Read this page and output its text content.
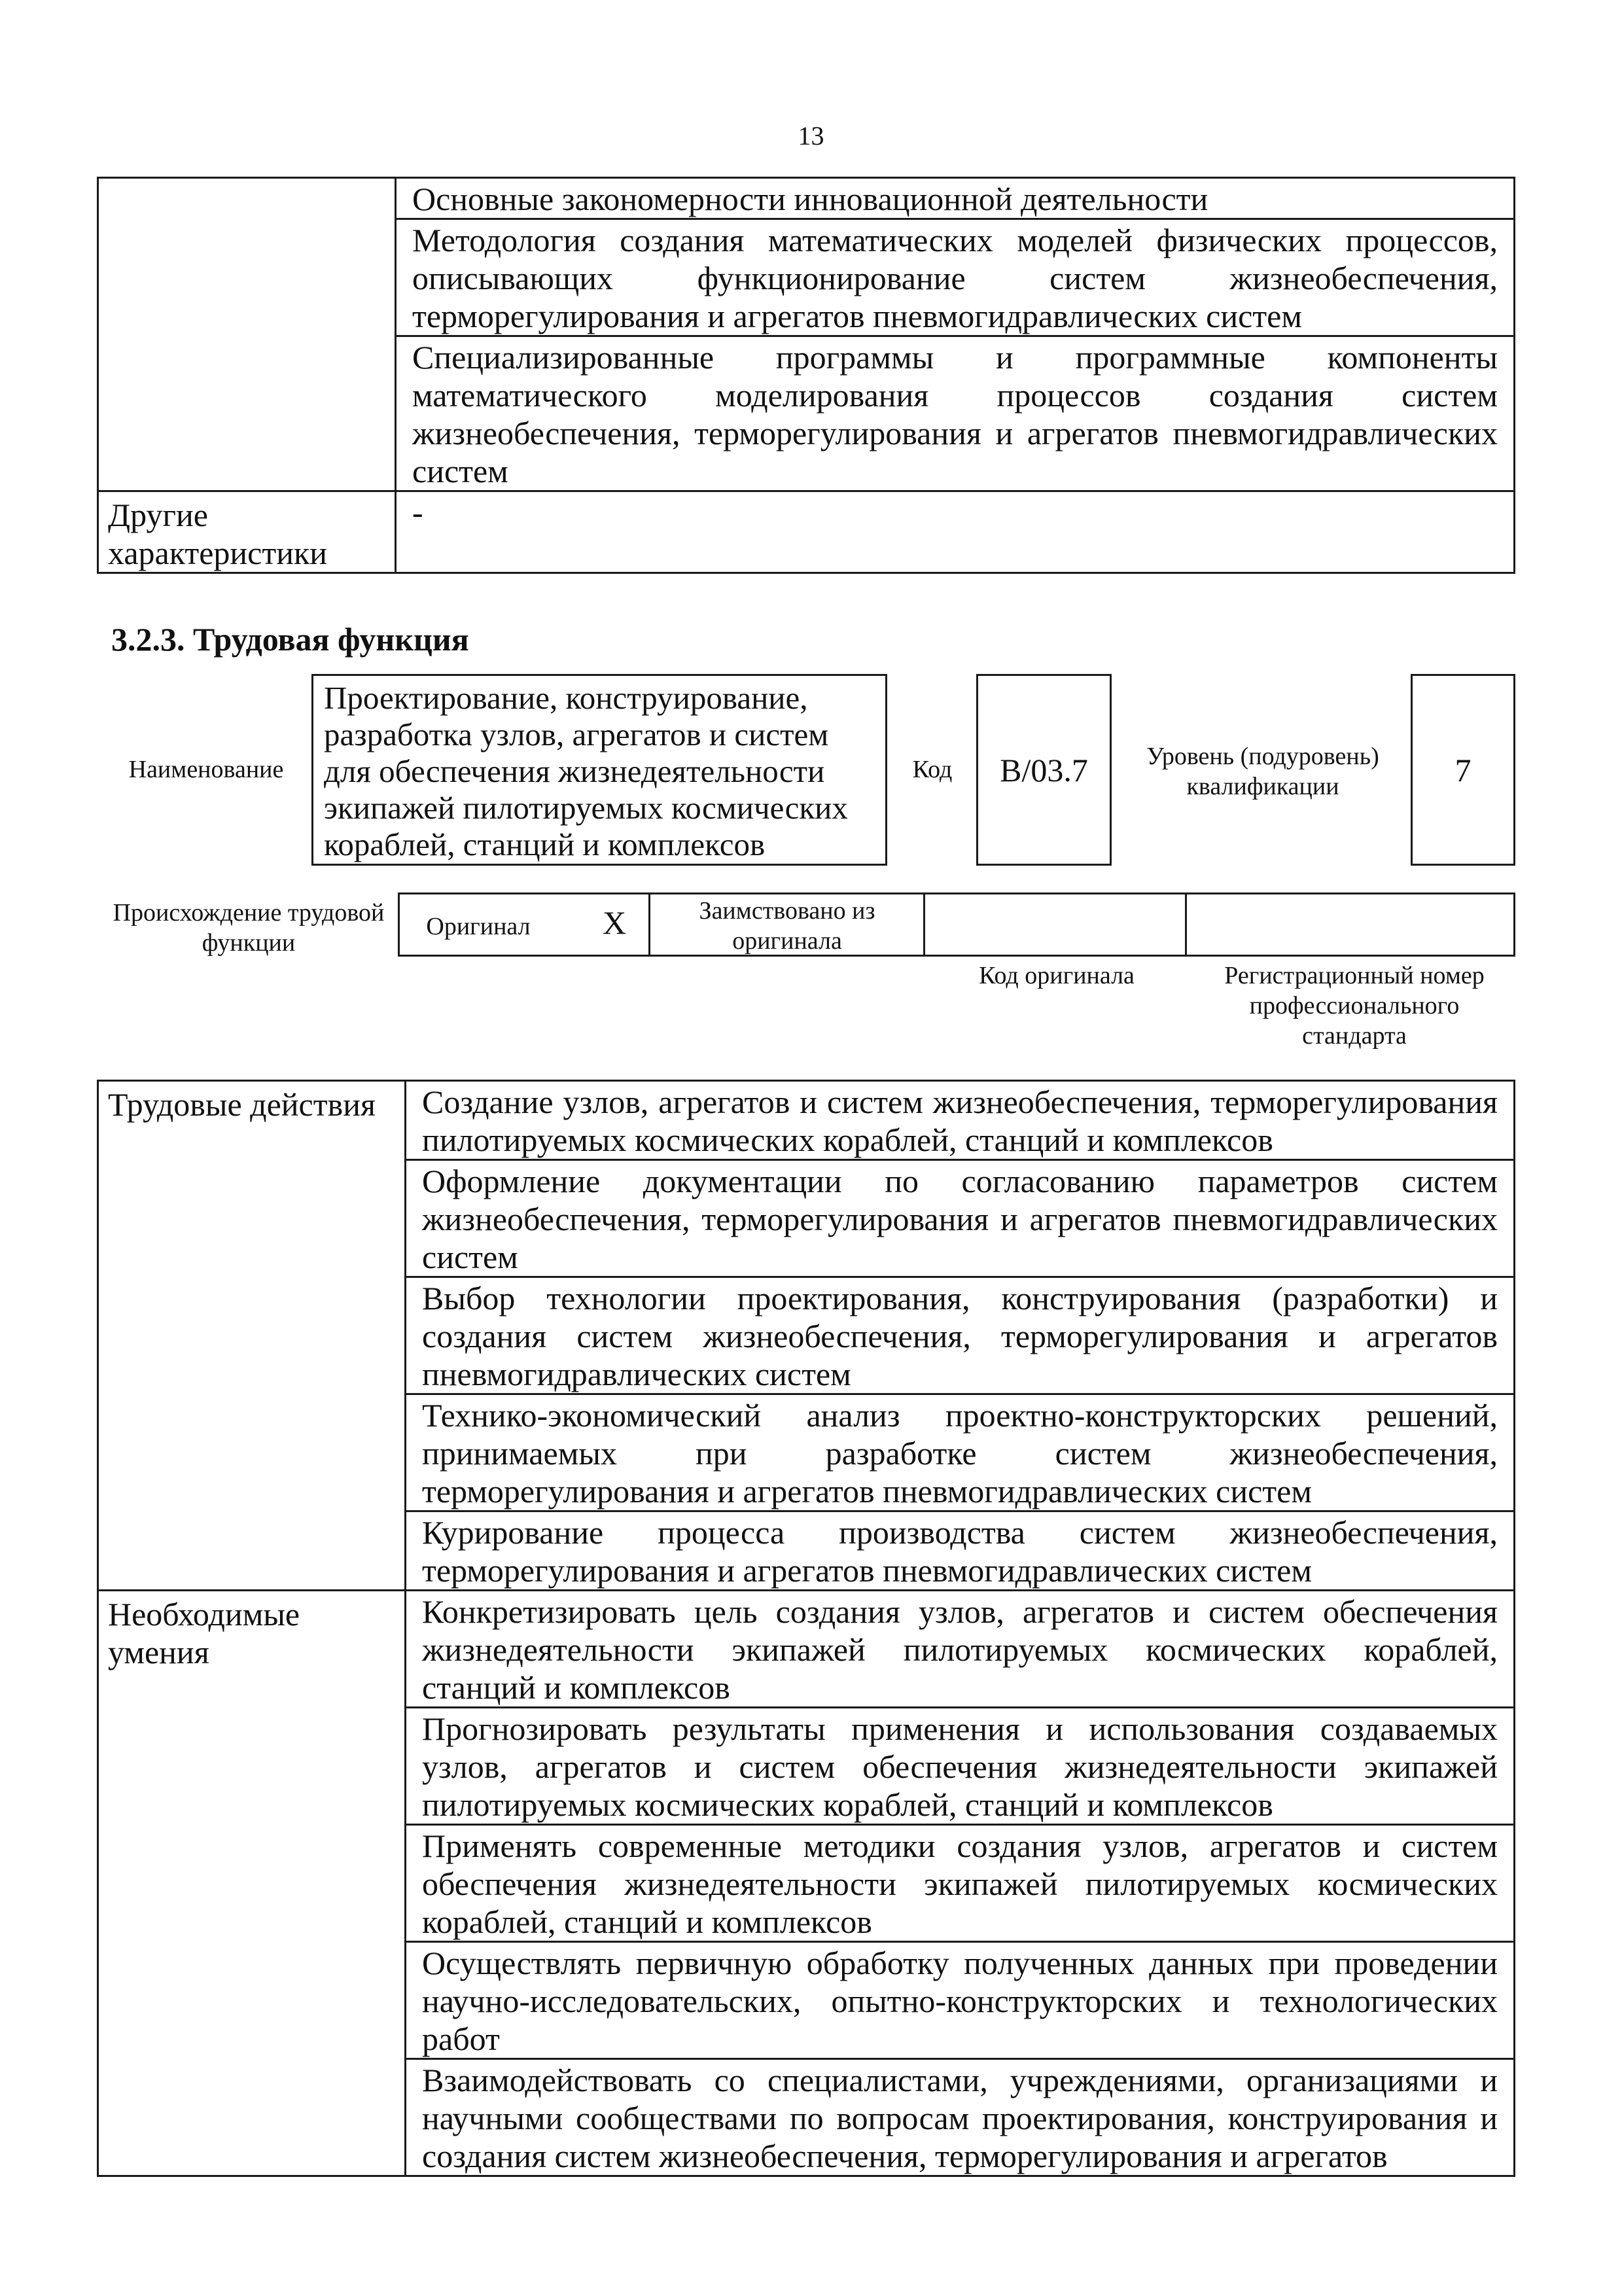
13

	Основные закономерности инновационной деятельности

	Методология создания математических моделей физических процессов, описывающих функционирование систем жизнеобеспечения, терморегулирования и агрегатов пневмогидравлических систем

	Специализированные программы и программные компоненты математического моделирования процессов создания систем жизнеобеспечения, терморегулирования и агрегатов пневмогидравлических систем

Другие характеристики	-
3.2.3. Трудовая функция
Наименование
Проектирование, конструирование, разработка узлов, агрегатов и систем для обеспечения жизнедеятельности экипажей пилотируемых космических кораблей, станций и комплексов
Код	B/03.7	Уровень (подуровень) квалификации	7
Происхождение трудовой функции
Оригинал	X	Заимствовано из оригинала
Код оригинала	Регистрационный номер профессионального стандарта
Трудовые действия	Создание узлов, агрегатов и систем жизнеобеспечения, терморегулирования пилотируемых космических кораблей, станций и комплексов

	Оформление документации по согласованию параметров систем жизнеобеспечения, терморегулирования и агрегатов пневмогидравлических систем

	Выбор технологии проектирования, конструирования (разработки) и создания систем жизнеобеспечения, терморегулирования и агрегатов пневмогидравлических систем

	Технико-экономический анализ проектно-конструкторских решений, принимаемых при разработке систем жизнеобеспечения, терморегулирования и агрегатов пневмогидравлических систем

	Курирование процесса производства систем жизнеобеспечения, терморегулирования и агрегатов пневмогидравлических систем

Необходимые умения	Конкретизировать цель создания узлов, агрегатов и систем обеспечения жизнедеятельности экипажей пилотируемых космических кораблей, станций и комплексов

	Прогнозировать результаты применения и использования создаваемых узлов, агрегатов и систем обеспечения жизнедеятельности экипажей пилотируемых космических кораблей, станций и комплексов

	Применять современные методики создания узлов, агрегатов и систем обеспечения жизнедеятельности экипажей пилотируемых космических кораблей, станций и комплексов

	Осуществлять первичную обработку полученных данных при проведении научно-исследовательских, опытно-конструкторских и технологических работ

	Взаимодействовать со специалистами, учреждениями, организациями и научными сообществами по вопросам проектирования, конструирования и создания систем жизнеобеспечения, терморегулирования и агрегатов
